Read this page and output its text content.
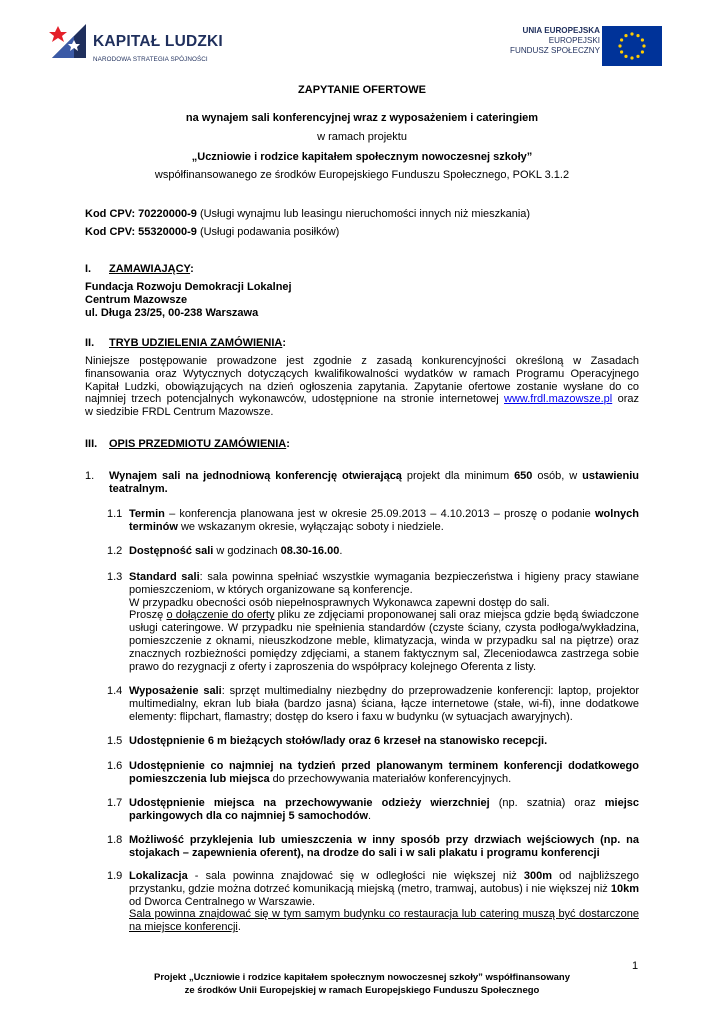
KAPITAŁ LUDZKI
NARODOWA STRATEGIA SPÓJNOŚCI
UNIA EUROPEJSKA
EUROPEJSKI
FUNDUSZ SPOŁECZNY
ZAPYTANIE OFERTOWE
na wynajem sali konferencyjnej wraz z wyposażeniem i cateringiem
w ramach projektu
„Uczniowie i rodzice kapitałem społecznym nowoczesnej szkoły”
współfinansowanego ze środków Europejskiego Funduszu Społecznego, POKL 3.1.2
Kod CPV: 70220000-9 (Usługi wynajmu lub leasingu nieruchomości innych niż mieszkania)
Kod CPV: 55320000-9 (Usługi podawania posiłków)
I. ZAMAWIAJĄCY:
Fundacja Rozwoju Demokracji Lokalnej
Centrum Mazowsze
ul. Długa 23/25, 00-238 Warszawa
II. TRYB UDZIELENIA ZAMÓWIENIA:
Niniejsze postępowanie prowadzone jest zgodnie z zasadą konkurencyjności określoną w Zasadach
finansowania oraz Wytycznych dotyczących kwalifikowalności wydatków w ramach Programu Operacyjnego
Kapitał Ludzki, obowiązujących na dzień ogłoszenia zapytania. Zapytanie ofertowe zostanie wysłane do co
najmniej trzech potencjalnych wykonawców, udostępnione na stronie internetowej www.frdl.mazowsze.pl oraz
w siedzibie FRDL Centrum Mazowsze.
III. OPIS PRZEDMIOTU ZAMÓWIENIA:
1. Wynajem sali na jednodniową konferencję otwierającą projekt dla minimum 650 osób, w ustawieniu
teatralnym.
1.1 Termin – konferencja planowana jest w okresie 25.09.2013 – 4.10.2013 – proszę o podanie wolnych
terminów we wskazanym okresie, wyłączając soboty i niedziele.
1.2 Dostępność sali w godzinach 08.30-16.00.
1.3 Standard sali: sala powinna spełniać wszystkie wymagania bezpieczeństwa i higieny pracy stawiane
pomieszczeniom, w których organizowane są konferencje.
W przypadku obecności osób niepełnosprawnych Wykonawca zapewni dostęp do sali.
Proszę o dołączenie do oferty pliku ze zdjęciami proponowanej sali oraz miejsca gdzie będą świadczone
usługi cateringowe. W przypadku nie spełnienia standardów (czyste ściany, czysta podłoga/wykładzina,
pomieszczenie z oknami, nieuszkodzone meble, klimatyzacja, winda w przypadku sal na piętrze) oraz
znacznych rozbieżności pomiędzy zdjęciami, a stanem faktycznym sal, Zleceniodawca zastrzega sobie
prawo do rezygnacji z oferty i zaproszenia do współpracy kolejnego Oferenta z listy.
1.4 Wyposażenie sali: sprzęt multimedialny niezbędny do przeprowadzenie konferencji: laptop, projektor
multimedialny, ekran lub biała (bardzo jasna) ściana, łącze internetowe (stałe, wi-fi), inne dodatkowe
elementy: flipchart, flamastry; dostęp do ksero i faxu w budynku (w sytuacjach awaryjnych).
1.5 Udostępnienie 6 m bieżących stołów/lady oraz 6 krzeseł na stanowisko recepcji.
1.6 Udostępnienie co najmniej na tydzień przed planowanym terminem konferencji dodatkowego
pomieszczenia lub miejsca do przechowywania materiałów konferencyjnych.
1.7 Udostępnienie miejsca na przechowywanie odzieży wierzchniej (np. szatnia) oraz miejsc
parkingowych dla co najmniej 5 samochodów.
1.8 Możliwość przyklejenia lub umieszczenia w inny sposób przy drzwiach wejściowych (np. na
stojakach – zapewnienia oferent), na drodze do sali i w sali plakatu i programu konferencji
1.9 Lokalizacja - sala powinna znajdować się w odległości nie większej niż 300m od najbliższego
przystanku, gdzie można dotrzeć komunikacją miejską (metro, tramwaj, autobus) i nie większej niż 10km
od Dworca Centralnego w Warszawie.
Sala powinna znajdować się w tym samym budynku co restauracja lub catering muszą być dostarczone
na miejsce konferencji.
1
Projekt „Uczniowie i rodzice kapitałem społecznym nowoczesnej szkoły” współfinansowany
ze środków Unii Europejskiej w ramach Europejskiego Funduszu Społecznego
